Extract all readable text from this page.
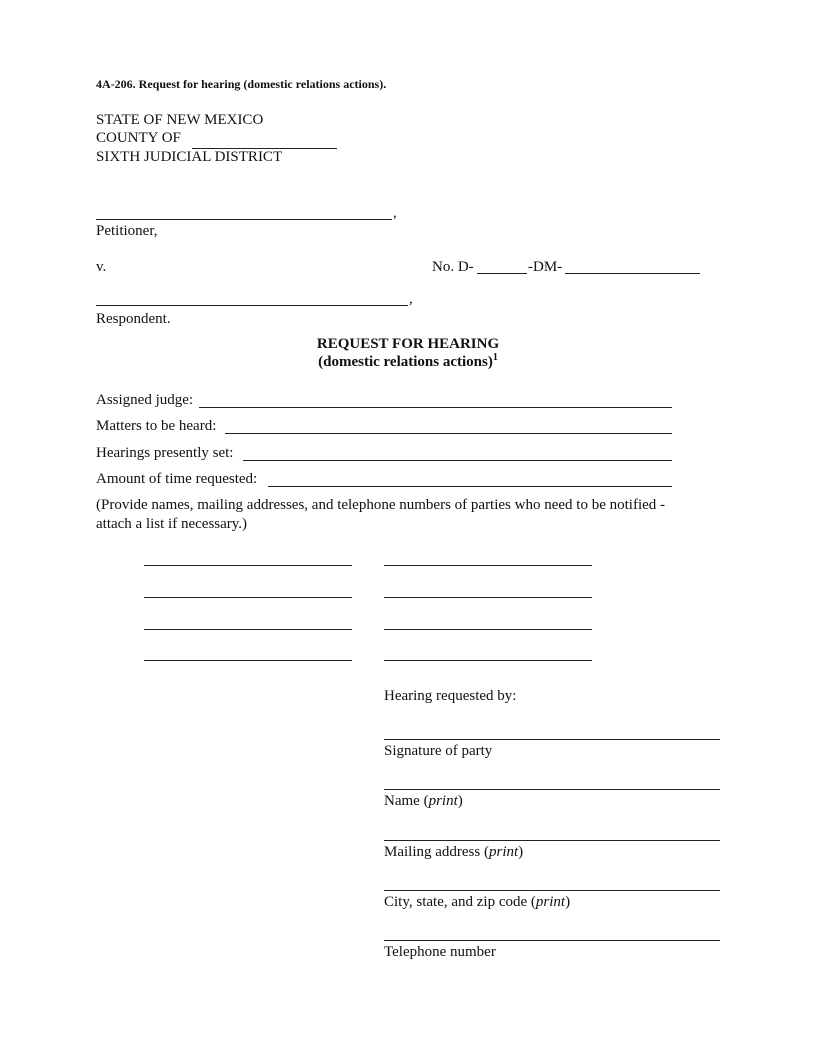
4A-206. Request for hearing (domestic relations actions).
STATE OF NEW MEXICO
COUNTY OF
SIXTH JUDICIAL DISTRICT
,
Petitioner,
v.	No. D-	-DM-
,
Respondent.
REQUEST FOR HEARING
(domestic relations actions)$^1$
Assigned judge:
Matters to be heard:
Hearings presently set:
Amount of time requested:
(Provide names, mailing addresses, and telephone numbers of parties who need to be notified -
attach a list if necessary.)
Hearing requested by:
Signature of party
Name (print)
Mailing address (print)
City, state, and zip code (print)
Telephone number
